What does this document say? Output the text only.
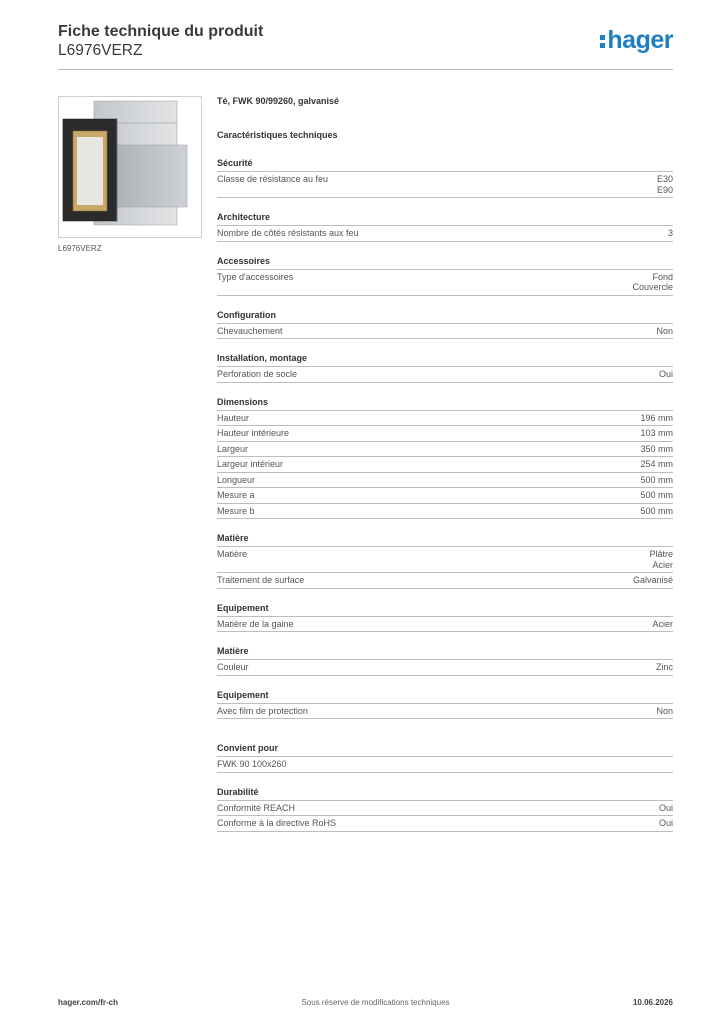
Fiche technique du produit
L6976VERZ	hager
L6976VERZ
Té, FWK 90/99260, galvanisé
Caractéristiques techniques
Sécurité
Classe de résistance au feu	E30
E90
Architecture
Nombre de côtés résistants aux feu	3
Accessoires
Type d'accessoires	Fond
Couvercle
Configuration
Chevauchement	Non
Installation, montage
Perforation de socle	Oui
Dimensions
Hauteur	196 mm
Hauteur intérieure	103 mm
Largeur	350 mm
Largeur intérieur	254 mm
Longueur	500 mm
Mesure a	500 mm
Mesure b	500 mm
Matière
Matière	Plâtre
Acier
Traitement de surface	Galvanisé
Equipement
Matière de la gaine	Acier
Matière
Couleur	Zinc
Equipement
Avec film de protection	Non
Convient pour
FWK 90 100x260
Durabilité
Conformité REACH	Oui
Conforme à la directive RoHS	Oui
hager.com/fr-ch	Sous réserve de modifications techniques	10.06.2026
